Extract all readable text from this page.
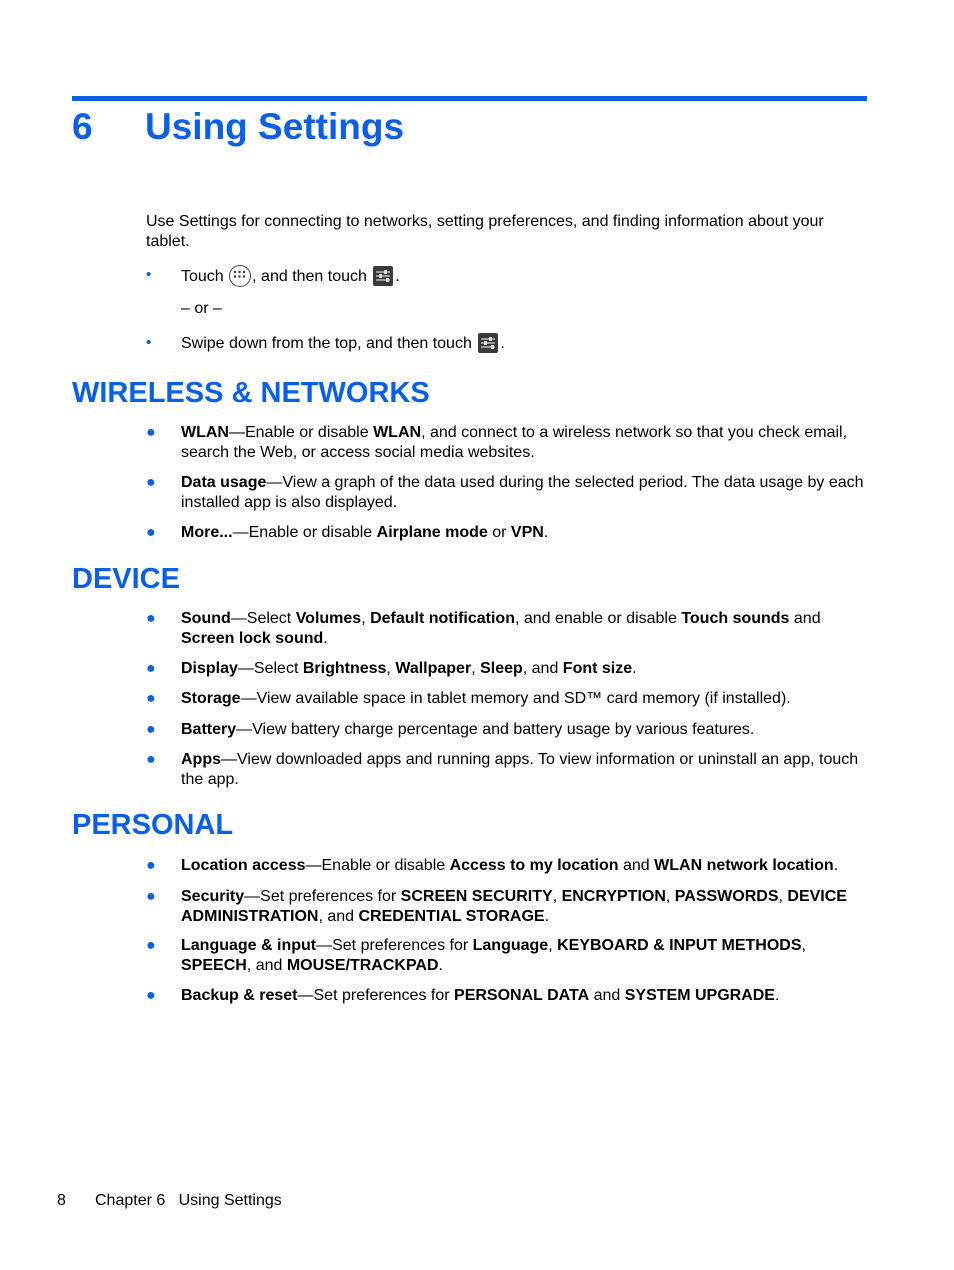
6 Using Settings
Use Settings for connecting to networks, setting preferences, and finding information about your tablet.
• Touch , and then touch .
– or –
• Swipe down from the top, and then touch .
WIRELESS & NETWORKS
● WLAN—Enable or disable WLAN, and connect to a wireless network so that you check email, search the Web, or access social media websites.
● Data usage—View a graph of the data used during the selected period. The data usage by each installed app is also displayed.
● More...—Enable or disable Airplane mode or VPN.
DEVICE
● Sound—Select Volumes, Default notification, and enable or disable Touch sounds and Screen lock sound.
● Display—Select Brightness, Wallpaper, Sleep, and Font size.
● Storage—View available space in tablet memory and SD™ card memory (if installed).
● Battery—View battery charge percentage and battery usage by various features.
● Apps—View downloaded apps and running apps. To view information or uninstall an app, touch the app.
PERSONAL
● Location access—Enable or disable Access to my location and WLAN network location.
● Security—Set preferences for SCREEN SECURITY, ENCRYPTION, PASSWORDS, DEVICE ADMINISTRATION, and CREDENTIAL STORAGE.
● Language & input—Set preferences for Language, KEYBOARD & INPUT METHODS, SPEECH, and MOUSE/TRACKPAD.
● Backup & reset—Set preferences for PERSONAL DATA and SYSTEM UPGRADE.
8 Chapter 6   Using Settings
